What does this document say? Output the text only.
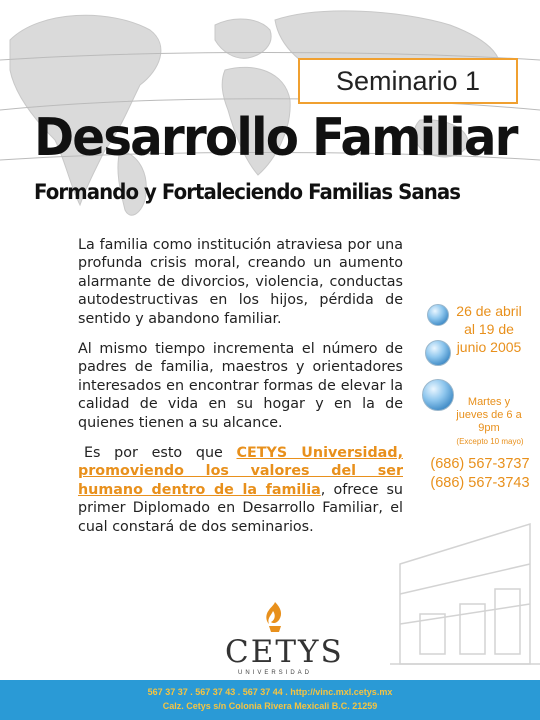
Seminario 1
Desarrollo Familiar
Formando y Fortaleciendo Familias Sanas

La familia como institución atraviesa por una profunda crisis moral, creando un aumento alarmante de divorcios, violencia, conductas autodestructivas en los hijos, pérdida de sentido y abandono familiar.

Al mismo tiempo incrementa el número de padres de familia, maestros y orientadores interesados en encontrar formas de elevar la calidad de vida en su hogar y en la de quienes tienen a su alcance.

Es por esto que CETYS Universidad, promoviendo los valores del ser humano dentro de la familia, ofrece su primer Diplomado en Desarrollo Familiar, el cual constará de dos seminarios.

26 de abril al 19 de junio 2005
Martes y jueves de 6 a 9pm
(Excepto 10 mayo)
(686) 567-3737 (686) 567-3743
CETYS
UNIVERSIDAD
567 37 37 . 567 37 43 . 567 37 44 . http://vinc.mxl.cetys.mx
Calz. Cetys s/n Colonia Rivera Mexicali B.C. 21259
